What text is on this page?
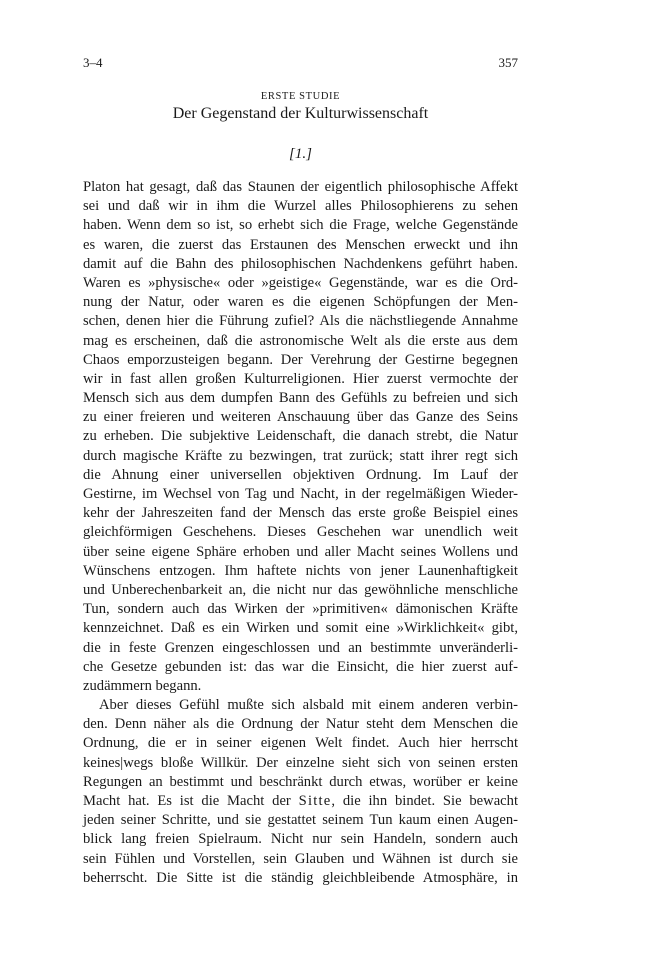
3–4	357
ERSTE STUDIE
Der Gegenstand der Kulturwissenschaft
[1.]
Platon hat gesagt, daß das Staunen der eigentlich philosophische Affekt
sei und daß wir in ihm die Wurzel alles Philosophierens zu sehen
haben. Wenn dem so ist, so erhebt sich die Frage, welche Gegenstände
es waren, die zuerst das Erstaunen des Menschen erweckt und ihn
damit auf die Bahn des philosophischen Nachdenkens geführt haben.
Waren es »physische« oder »geistige« Gegenstände, war es die Ord-
nung der Natur, oder waren es die eigenen Schöpfungen der Men-
schen, denen hier die Führung zufiel? Als die nächstliegende Annahme
mag es erscheinen, daß die astronomische Welt als die erste aus dem
Chaos emporzusteigen begann. Der Verehrung der Gestirne begegnen
wir in fast allen großen Kulturreligionen. Hier zuerst vermochte der
Mensch sich aus dem dumpfen Bann des Gefühls zu befreien und sich
zu einer freieren und weiteren Anschauung über das Ganze des Seins
zu erheben. Die subjektive Leidenschaft, die danach strebt, die Natur
durch magische Kräfte zu bezwingen, trat zurück; statt ihrer regt sich
die Ahnung einer universellen objektiven Ordnung. Im Lauf der
Gestirne, im Wechsel von Tag und Nacht, in der regelmäßigen Wieder-
kehr der Jahreszeiten fand der Mensch das erste große Beispiel eines
gleichförmigen Geschehens. Dieses Geschehen war unendlich weit
über seine eigene Sphäre erhoben und aller Macht seines Wollens und
Wünschens entzogen. Ihm haftete nichts von jener Launenhaftigkeit
und Unberechenbarkeit an, die nicht nur das gewöhnliche menschliche
Tun, sondern auch das Wirken der »primitiven« dämonischen Kräfte
kennzeichnet. Daß es ein Wirken und somit eine »Wirklichkeit« gibt,
die in feste Grenzen eingeschlossen und an bestimmte unveränderli-
che Gesetze gebunden ist: das war die Einsicht, die hier zuerst auf-
zudämmern begann.
Aber dieses Gefühl mußte sich alsbald mit einem anderen verbin-
den. Denn näher als die Ordnung der Natur steht dem Menschen die
Ordnung, die er in seiner eigenen Welt findet. Auch hier herrscht
keines|wegs bloße Willkür. Der einzelne sieht sich von seinen ersten
Regungen an bestimmt und beschränkt durch etwas, worüber er keine
Macht hat. Es ist die Macht der Sitte, die ihn bindet. Sie bewacht
jeden seiner Schritte, und sie gestattet seinem Tun kaum einen Augen-
blick lang freien Spielraum. Nicht nur sein Handeln, sondern auch
sein Fühlen und Vorstellen, sein Glauben und Wähnen ist durch sie
beherrscht. Die Sitte ist die ständig gleichbleibende Atmosphäre, in
